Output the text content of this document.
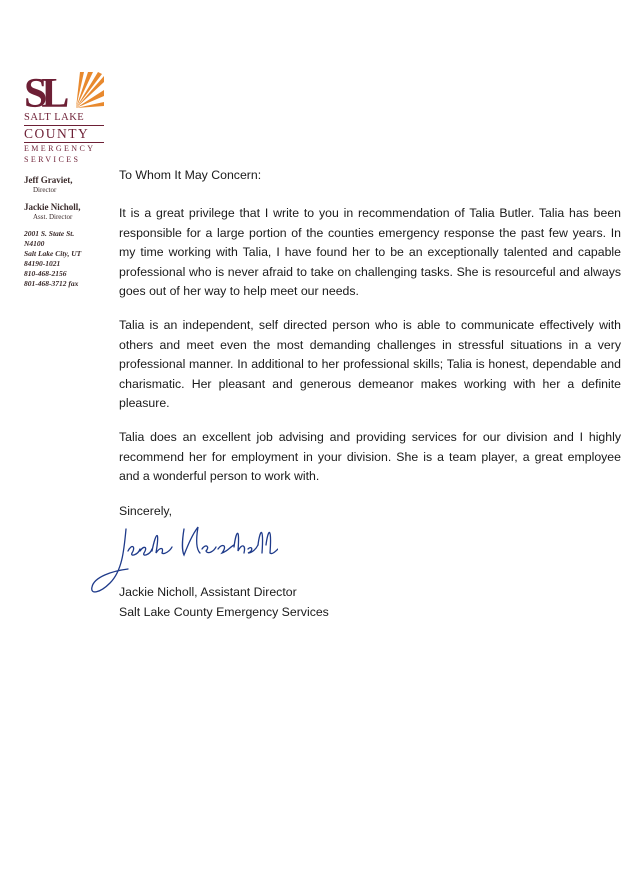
SL
SALT LAKE
COUNTY
EMERGENCY
SERVICES
Jeff Graviet,
Director
Jackie Nicholl,
Asst. Director
2001 S. State St.
N4100
Salt Lake City, UT
84190-1021
810-468-2156
801-468-3712 fax

To Whom It May Concern:

It is a great privilege that I write to you in recommendation of Talia Butler. Talia has been responsible for a large portion of the counties emergency response the past few years. In my time working with Talia, I have found her to be an exceptionally talented and capable professional who is never afraid to take on challenging tasks. She is resourceful and always goes out of her way to help meet our needs.

Talia is an independent, self directed person who is able to communicate effectively with others and meet even the most demanding challenges in stressful situations in a very professional manner. In additional to her professional skills; Talia is honest, dependable and charismatic. Her pleasant and generous demeanor makes working with her a definite pleasure.

Talia does an excellent job advising and providing services for our division and I highly recommend her for employment in your division. She is a team player, a great employee and a wonderful person to work with.

Sincerely,
Jackie Nicholl, Assistant Director
Salt Lake County Emergency Services
